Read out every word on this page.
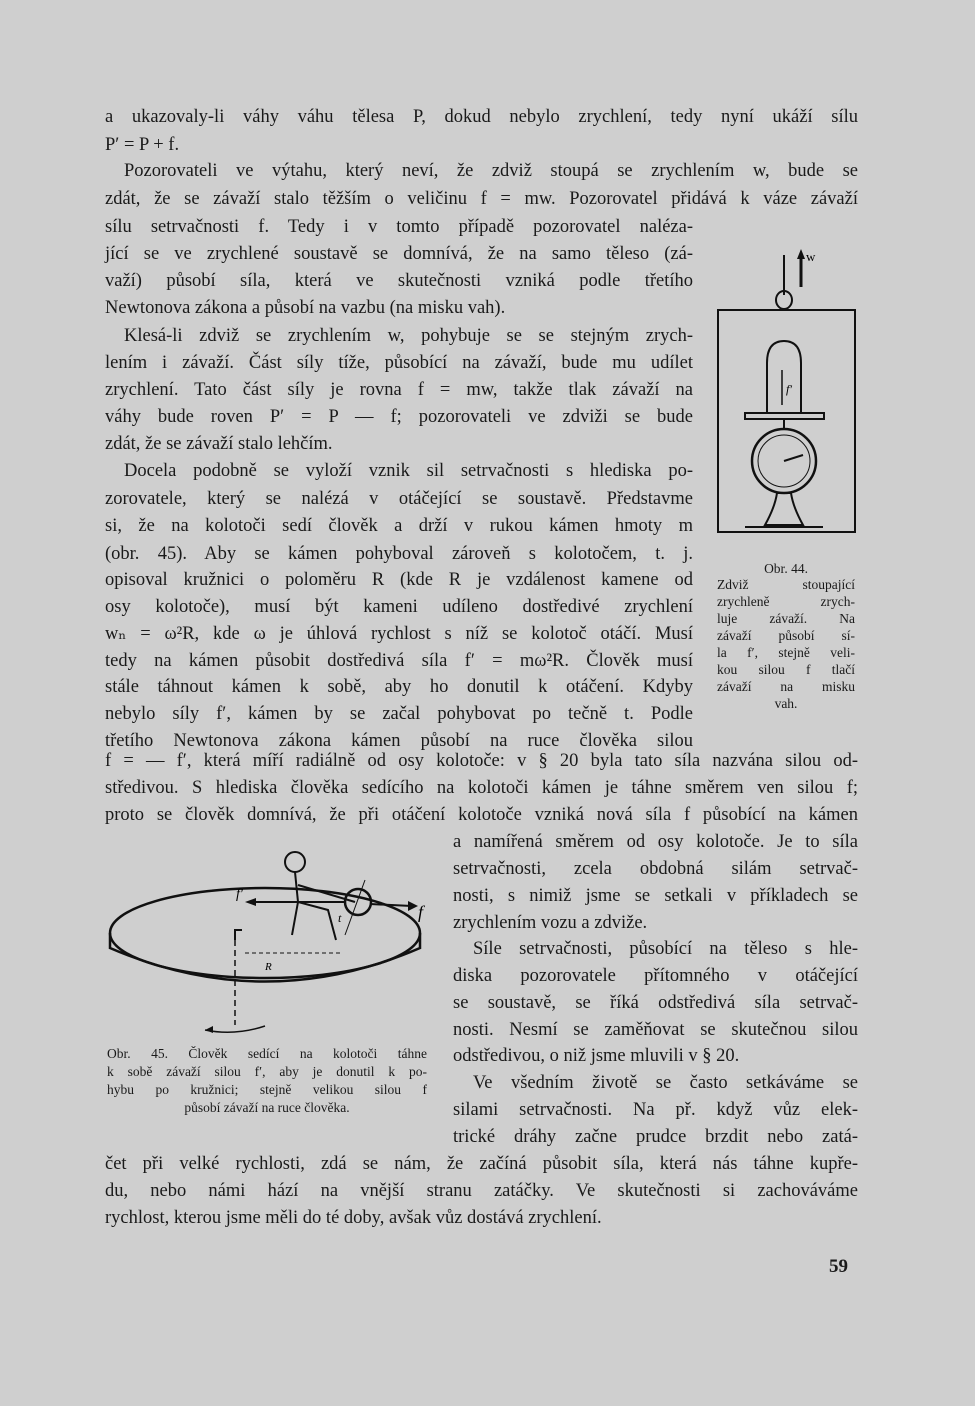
a ukazovaly-li váhy váhu tělesa P, dokud nebylo zrychlení, tedy nyní ukáží sílu
P′ = P + f.
Pozorovateli ve výtahu, který neví, že zdviž stoupá se zrychlením w, bude se
zdát, že se závaží stalo těžším o veličinu f = mw. Pozorovatel přidává k váze závaží
sílu setrvačnosti f. Tedy i v tomto případě pozorovatel naléza-
jící se ve zrychlené soustavě se domnívá, že na samo těleso (zá-
važí) působí síla, která ve skutečnosti vzniká podle třetího
Newtonova zákona a působí na vazbu (na misku vah).
Klesá-li zdviž se zrychlením w, pohybuje se se stejným zrych-
lením i závaží. Část síly tíže, působící na závaží, bude mu udílet
zrychlení. Tato část síly je rovna f = mw, takže tlak závaží na
váhy bude roven P′ = P — f; pozorovateli ve zdviži se bude
zdát, že se závaží stalo lehčím.
Docela podobně se vyloží vznik sil setrvačnosti s hlediska po-
zorovatele, který se nalézá v otáčející se soustavě. Představme
si, že na kolotoči sedí člověk a drží v rukou kámen hmoty m
(obr. 45). Aby se kámen pohyboval zároveň s kolotočem, t. j.
opisoval kružnici o poloměru R (kde R je vzdálenost kamene od
osy kolotoče), musí být kameni udíleno dostředivé zrychlení
wₙ = ω²R, kde ω je úhlová rychlost s níž se kolotoč otáčí. Musí
tedy na kámen působit dostředivá síla f′ = mω²R. Člověk musí
stále táhnout kámen k sobě, aby ho donutil k otáčení. Kdyby
nebylo síly f′, kámen by se začal pohybovat po tečně t. Podle
třetího Newtonova zákona kámen působí na ruce člověka silou
f = — f′, která míří radiálně od osy kolotoče: v § 20 byla tato síla nazvána silou od-
středivou. S hlediska člověka sedícího na kolotoči kámen je táhne směrem ven silou f;
proto se člověk domnívá, že při otáčení kolotoče vzniká nová síla f působící na kámen
a namířená směrem od osy kolotoče. Je to síla
setrvačnosti, zcela obdobná silám setrvač-
nosti, s nimiž jsme se setkali v příkladech se
zrychlením vozu a zdviže.
Síle setrvačnosti, působící na těleso s hle-
diska pozorovatele přítomného v otáčející
se soustavě, se říká odstředivá síla setrvač-
nosti. Nesmí se zaměňovat se skutečnou silou
odstředivou, o niž jsme mluvili v § 20.
Ve všedním životě se často setkáváme se
silami setrvačnosti. Na př. když vůz elek-
trické dráhy začne prudce brzdit nebo zatá-
čet při velké rychlosti, zdá se nám, že začíná působit síla, která nás táhne kupře-
du, nebo námi hází na vnější stranu zatáčky. Ve skutečnosti si zachováváme
rychlost, kterou jsme měli do té doby, avšak vůz dostává zrychlení.
w
f′
Obr. 44.
Zdviž stoupající
zrychleně zrych-
luje závaží. Na
závaží působí sí-
la f′, stejně veli-
kou silou f tlačí
závaží na misku
vah.
R
f′
f
t
Obr. 45. Člověk sedící na kolotoči táhne
k sobě závaží silou f′, aby je donutil k po-
hybu po kružnici; stejně velikou silou f
působí závaží na ruce člověka.
59
